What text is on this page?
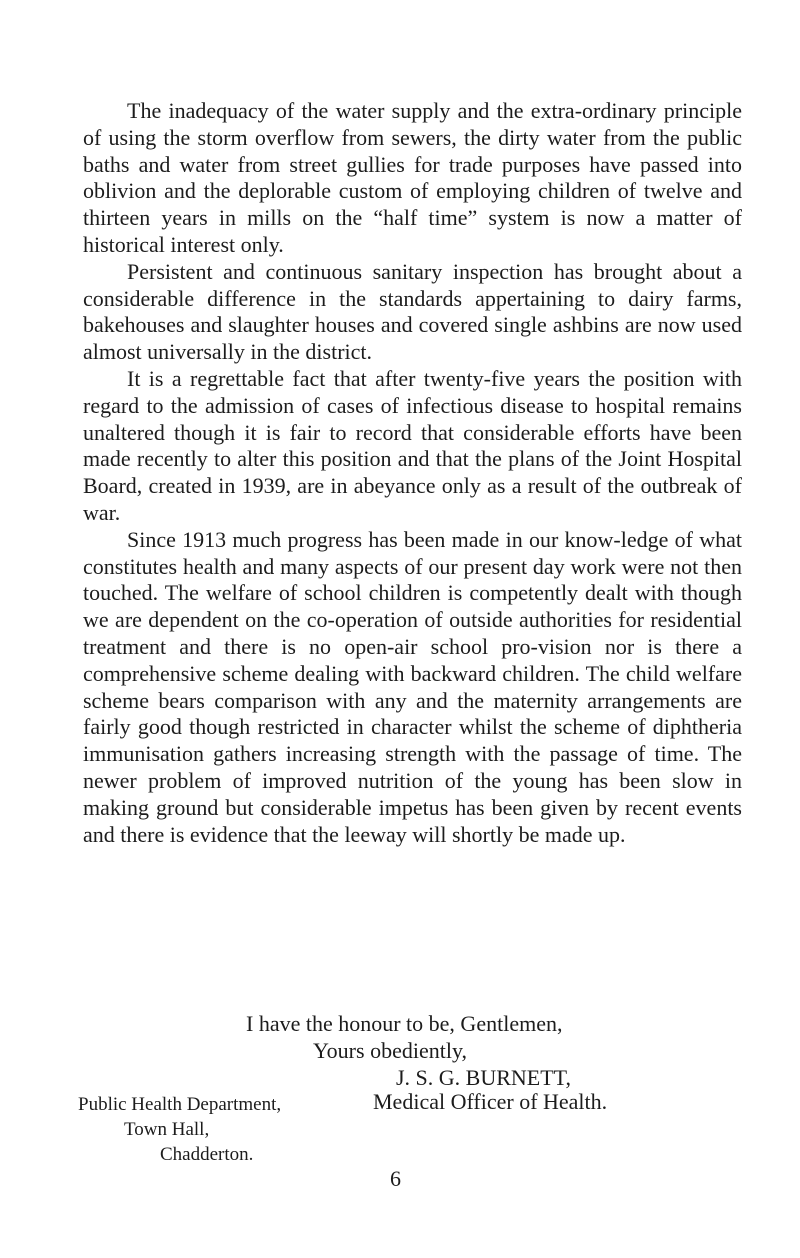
The inadequacy of the water supply and the extra-ordinary principle of using the storm overflow from sewers, the dirty water from the public baths and water from street gullies for trade purposes have passed into oblivion and the deplorable custom of employing children of twelve and thirteen years in mills on the “half time” system is now a matter of historical interest only.

Persistent and continuous sanitary inspection has brought about a considerable difference in the standards appertaining to dairy farms, bakehouses and slaughter houses and covered single ashbins are now used almost universally in the district.

It is a regrettable fact that after twenty-five years the position with regard to the admission of cases of infectious disease to hospital remains unaltered though it is fair to record that considerable efforts have been made recently to alter this position and that the plans of the Joint Hospital Board, created in 1939, are in abeyance only as a result of the outbreak of war.

Since 1913 much progress has been made in our know-ledge of what constitutes health and many aspects of our present day work were not then touched. The welfare of school children is competently dealt with though we are dependent on the co-operation of outside authorities for residential treatment and there is no open-air school pro-vision nor is there a comprehensive scheme dealing with backward children. The child welfare scheme bears comparison with any and the maternity arrangements are fairly good though restricted in character whilst the scheme of diphtheria immunisation gathers increasing strength with the passage of time. The newer problem of improved nutrition of the young has been slow in making ground but considerable impetus has been given by recent events and there is evidence that the leeway will shortly be made up.

I have the honour to be, Gentlemen,
Yours obediently,
J. S. G. BURNETT,
Medical Officer of Health.
Public Health Department,
Town Hall,
Chadderton.
6
